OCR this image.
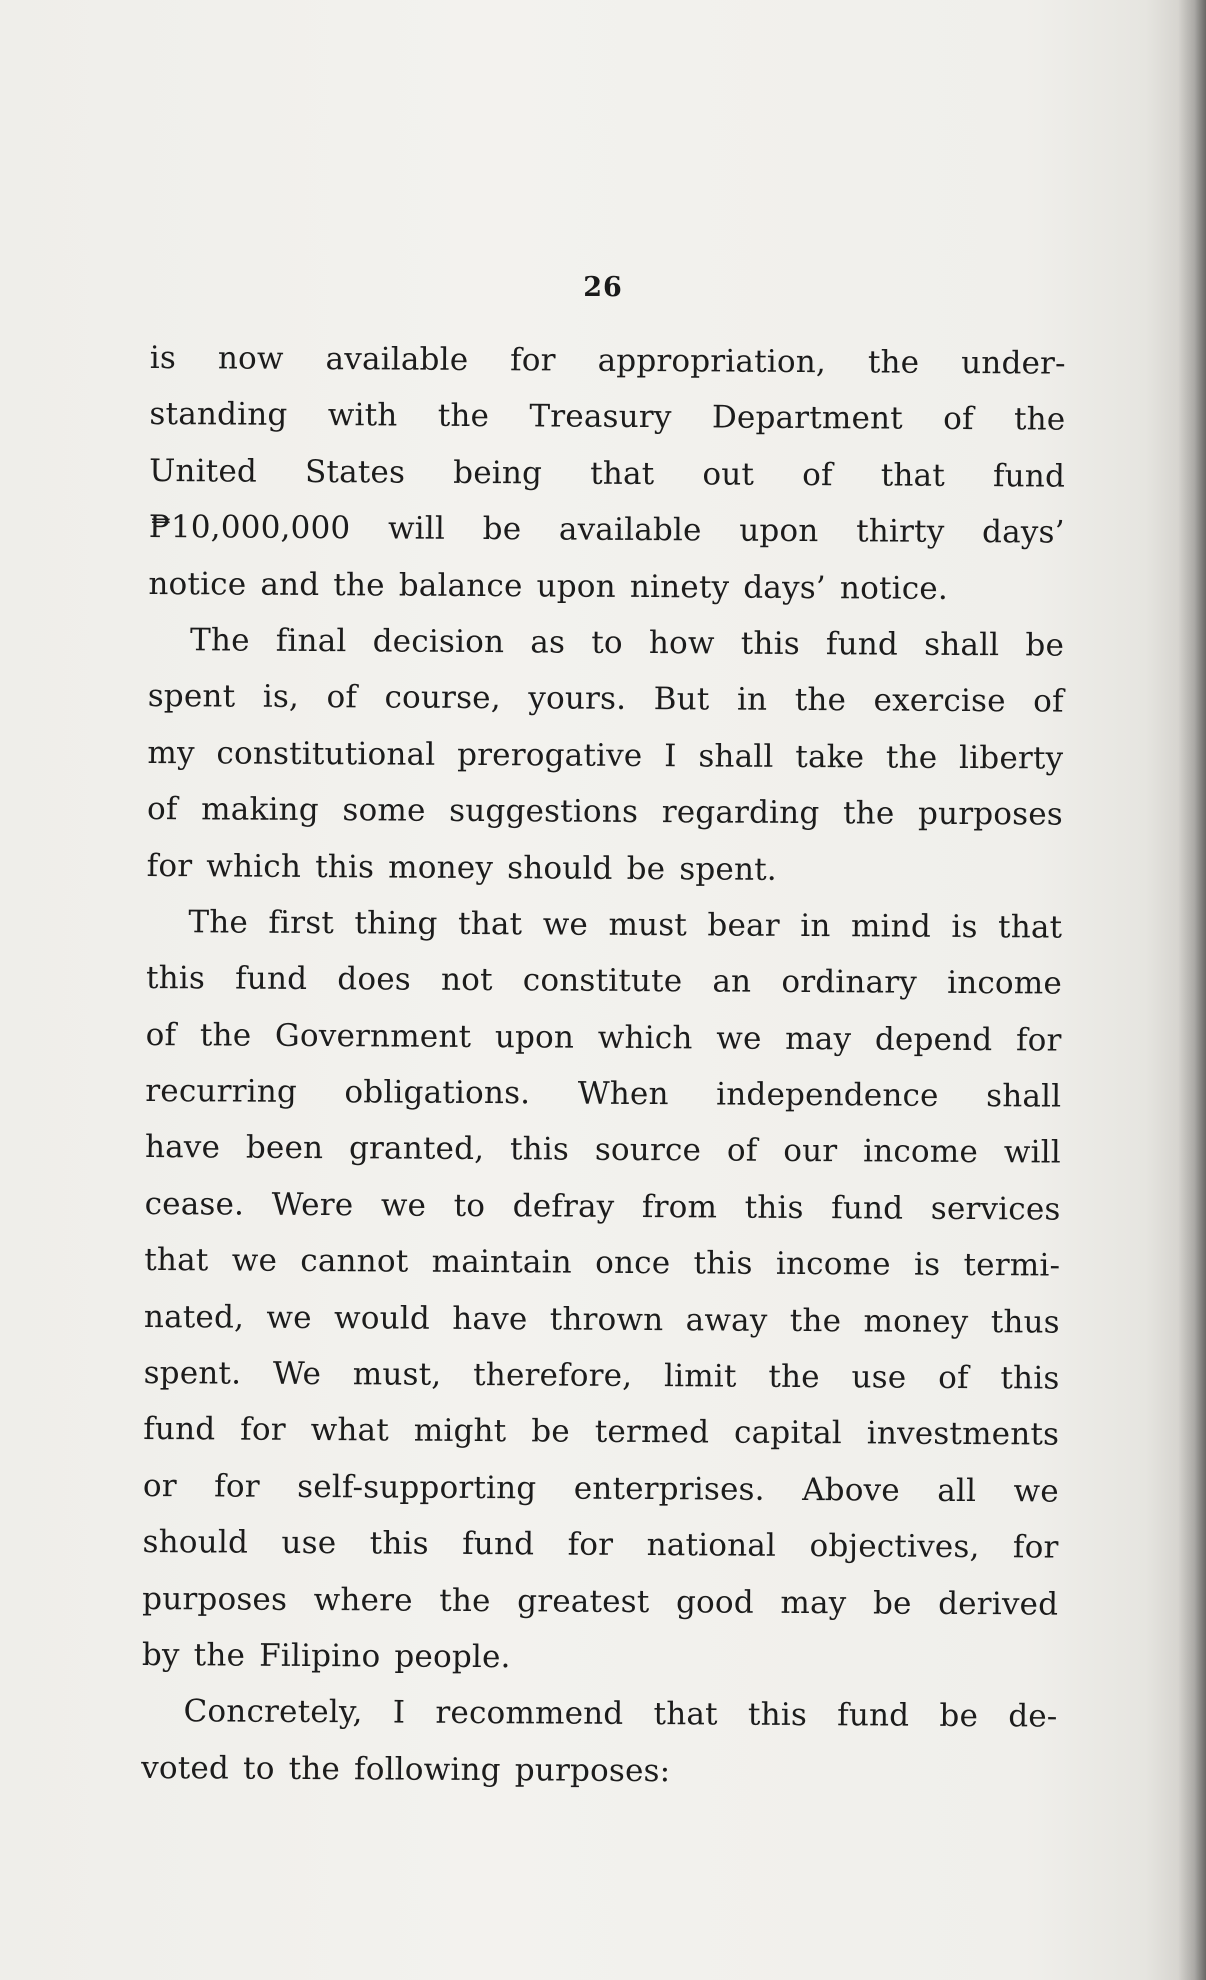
26
is now available for appropriation, the under-
standing with the Treasury Department of the
United States being that out of that fund
₱10,000,000 will be available upon thirty days’
notice and the balance upon ninety days’ notice.
The final decision as to how this fund shall be
spent is, of course, yours. But in the exercise of
my constitutional prerogative I shall take the liberty
of making some suggestions regarding the purposes
for which this money should be spent.
The first thing that we must bear in mind is that
this fund does not constitute an ordinary income
of the Government upon which we may depend for
recurring obligations. When independence shall
have been granted, this source of our income will
cease. Were we to defray from this fund services
that we cannot maintain once this income is termi-
nated, we would have thrown away the money thus
spent. We must, therefore, limit the use of this
fund for what might be termed capital investments
or for self-supporting enterprises. Above all we
should use this fund for national objectives, for
purposes where the greatest good may be derived
by the Filipino people.
Concretely, I recommend that this fund be de-
voted to the following purposes:
